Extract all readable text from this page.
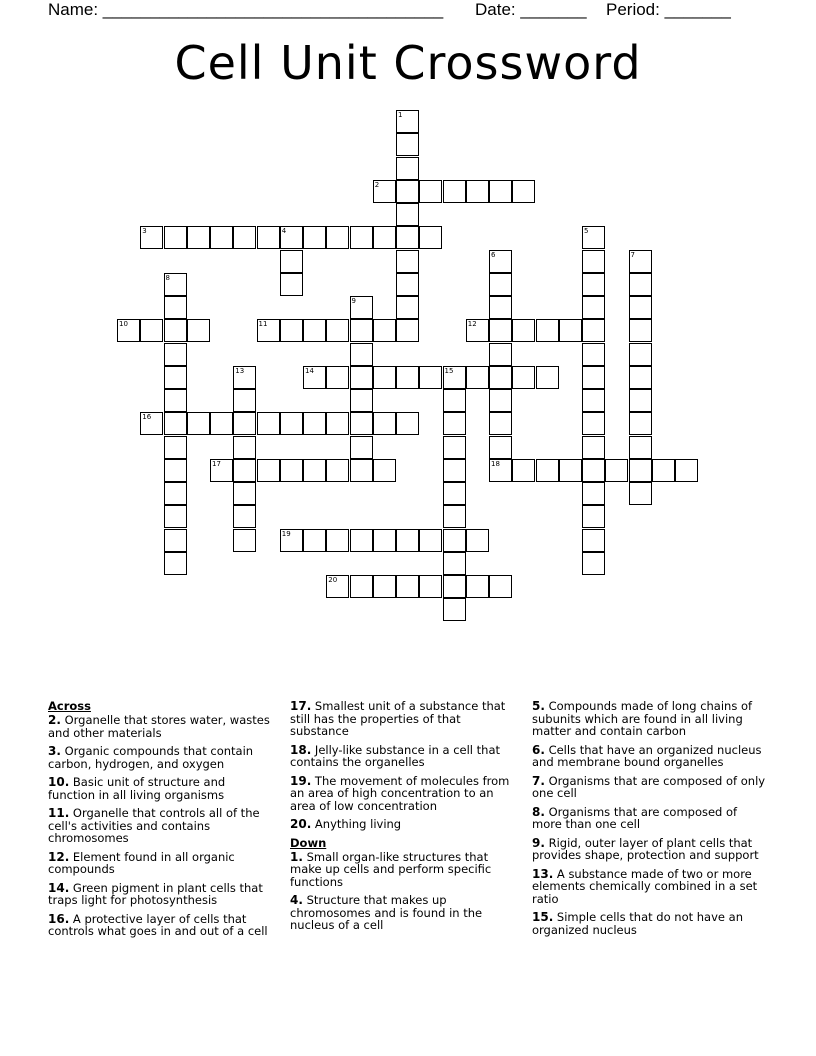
Name: ____________________________________ Date: _______ Period: _______
Cell Unit Crossword
1
2
3	4	5
6
18
7
8
9
10	11	12
13	14	15
16
17
19
20
Across
2. Organelle that stores water, wastes and other materials
3. Organic compounds that contain carbon, hydrogen, and oxygen
10. Basic unit of structure and function in all living organisms
11. Organelle that controls all of the cell's activities and contains chromosomes
12. Element found in all organic compounds
14. Green pigment in plant cells that traps light for photosynthesis
16. A protective layer of cells that controls what goes in and out of a cell
17. Smallest unit of a substance that still has the properties of that substance
18. Jelly-like substance in a cell that contains the organelles
19. The movement of molecules from an area of high concentration to an area of low concentration
20. Anything living
Down
1. Small organ-like structures that make up cells and perform specific functions
4. Structure that makes up chromosomes and is found in the nucleus of a cell
5. Compounds made of long chains of subunits which are found in all living matter and contain carbon
6. Cells that have an organized nucleus and membrane bound organelles
7. Organisms that are composed of only one cell
8. Organisms that are composed of more than one cell
9. Rigid, outer layer of plant cells that provides shape, protection and support
13. A substance made of two or more elements chemically combined in a set ratio
15. Simple cells that do not have an organized nucleus
